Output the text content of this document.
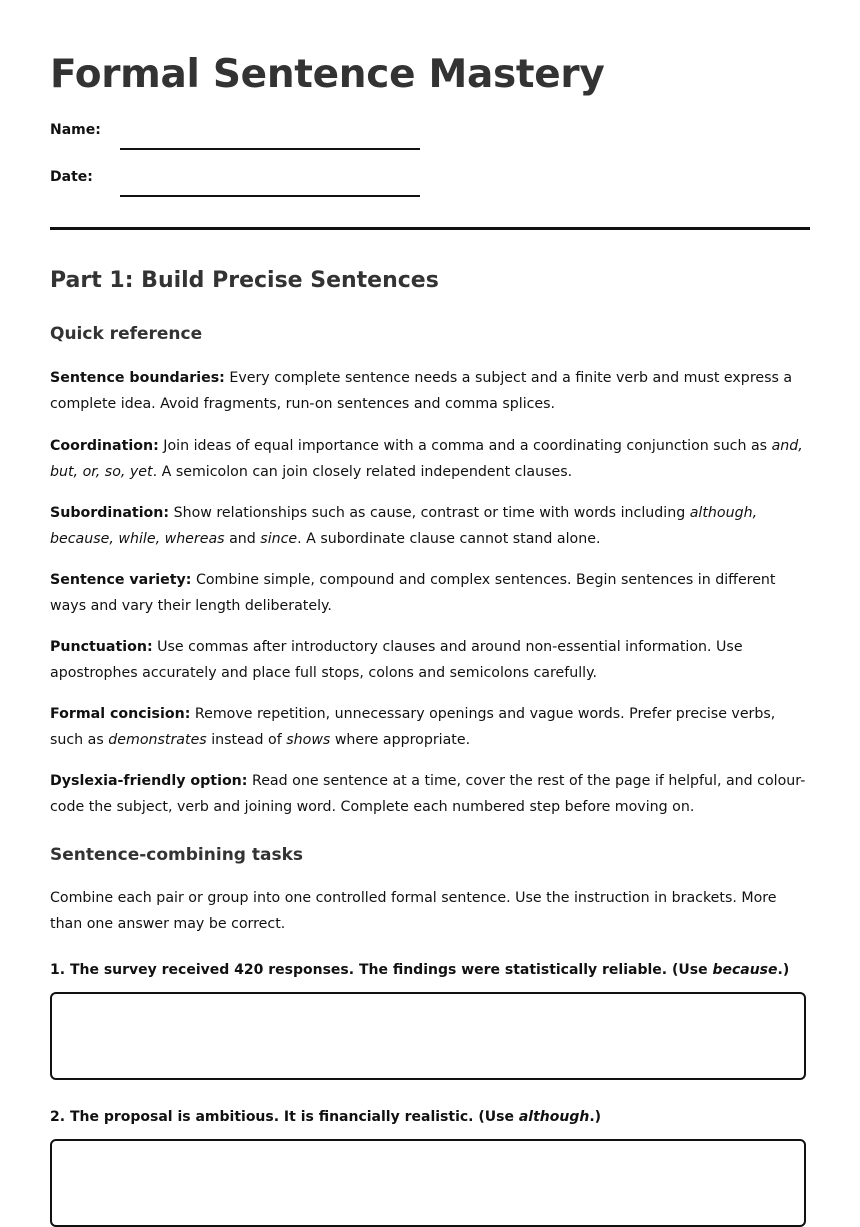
Formal Sentence Mastery
Name:
Date:
Part 1: Build Precise Sentences
Quick reference

Sentence boundaries: Every complete sentence needs a subject and a finite verb and must express a complete idea. Avoid fragments, run-on sentences and comma splices.

Coordination: Join ideas of equal importance with a comma and a coordinating conjunction such as and, but, or, so, yet. A semicolon can join closely related independent clauses.

Subordination: Show relationships such as cause, contrast or time with words including although, because, while, whereas and since. A subordinate clause cannot stand alone.

Sentence variety: Combine simple, compound and complex sentences. Begin sentences in different ways and vary their length deliberately.

Punctuation: Use commas after introductory clauses and around non-essential information. Use apostrophes accurately and place full stops, colons and semicolons carefully.

Formal concision: Remove repetition, unnecessary openings and vague words. Prefer precise verbs, such as demonstrates instead of shows where appropriate.

Dyslexia-friendly option: Read one sentence at a time, cover the rest of the page if helpful, and colour-code the subject, verb and joining word. Complete each numbered step before moving on.

Sentence-combining tasks

Combine each pair or group into one controlled formal sentence. Use the instruction in brackets. More than one answer may be correct.

1. The survey received 420 responses. The findings were statistically reliable. (Use because.)

2. The proposal is ambitious. It is financially realistic. (Use although.)
